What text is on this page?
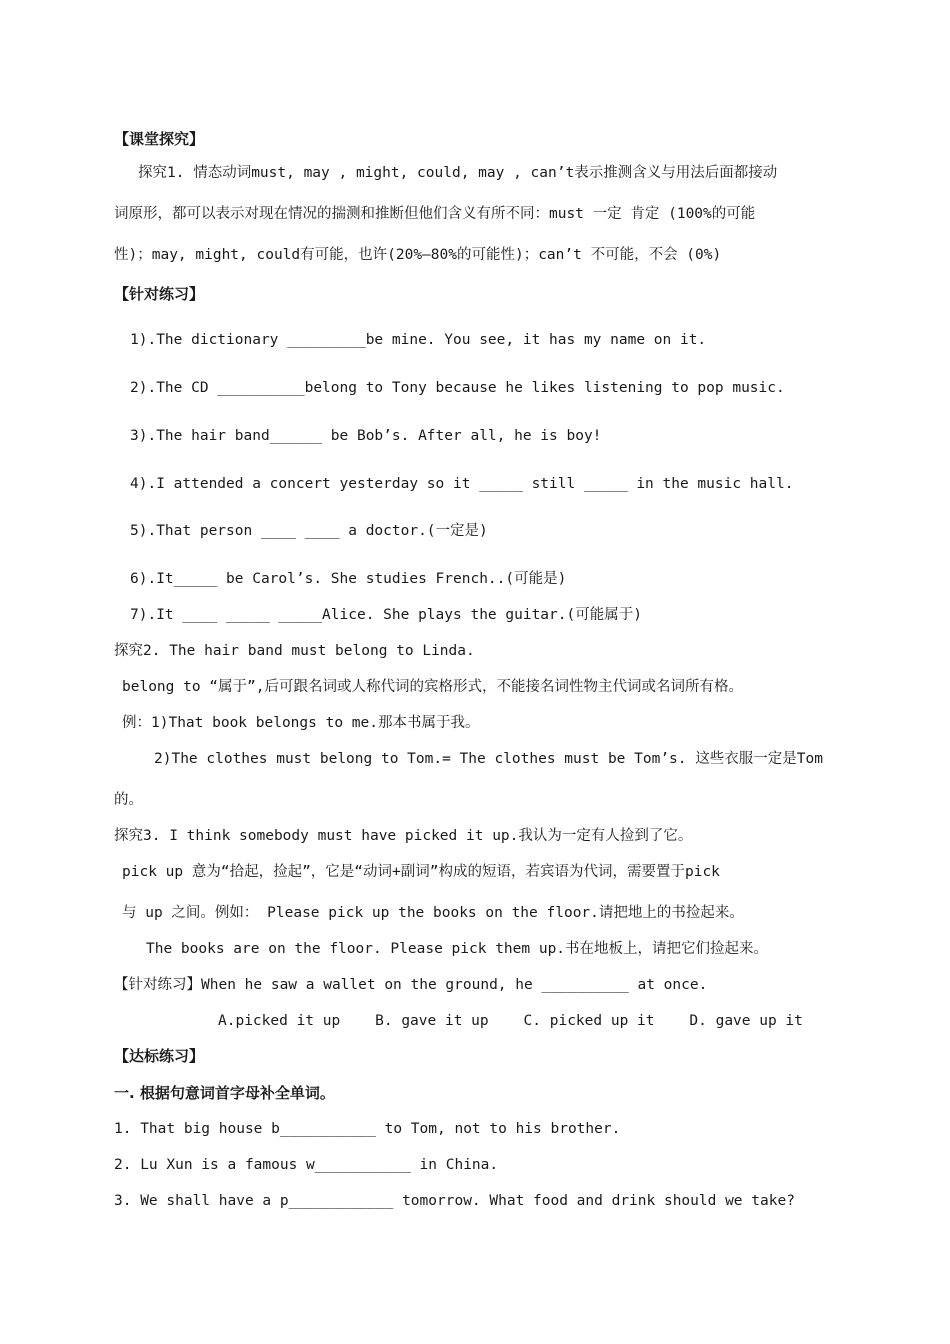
【课堂探究】
探究1. 情态动词must, may , might, could, may , can’t表示推测含义与用法后面都接动
词原形，都可以表示对现在情况的揣测和推断但他们含义有所不同：must 一定 肯定 (100%的可能
性)；may, might, could有可能，也许(20%—80%的可能性)；can’t 不可能，不会 (0%)
【针对练习】
1).The dictionary _________be mine. You see, it has my name on it.
2).The CD __________belong to Tony because he likes listening to pop music.
3).The hair band______ be Bob’s. After all, he is boy!
4).I attended a concert yesterday so it _____ still _____ in the music hall.
5).That person ____ ____ a doctor.(一定是)
6).It_____ be Carol’s. She studies French..(可能是)
7).It ____ _____ _____Alice. She plays the guitar.(可能属于)
探究2. The hair band must belong to Linda.
belong to “属于”,后可跟名词或人称代词的宾格形式，不能接名词性物主代词或名词所有格。
例：1)That book belongs to me.那本书属于我。
2)The clothes must belong to Tom.= The clothes must be Tom’s. 这些衣服一定是Tom
的。
探究3. I think somebody must have picked it up.我认为一定有人捡到了它。
pick up 意为“拾起，捡起”，它是“动词+副词”构成的短语，若宾语为代词，需要置于pick
与 up 之间。例如： Please pick up the books on the floor.请把地上的书捡起来。
The books are on the floor. Please pick them up.书在地板上，请把它们捡起来。
【针对练习】When he saw a wallet on the ground, he __________ at once.
A.picked it up    B. gave it up    C. picked up it    D. gave up it
【达标练习】
一. 根据句意词首字母补全单词。
1. That big house b___________ to Tom, not to his brother.
2. Lu Xun is a famous w___________ in China.
3. We shall have a p____________ tomorrow. What food and drink should we take?
